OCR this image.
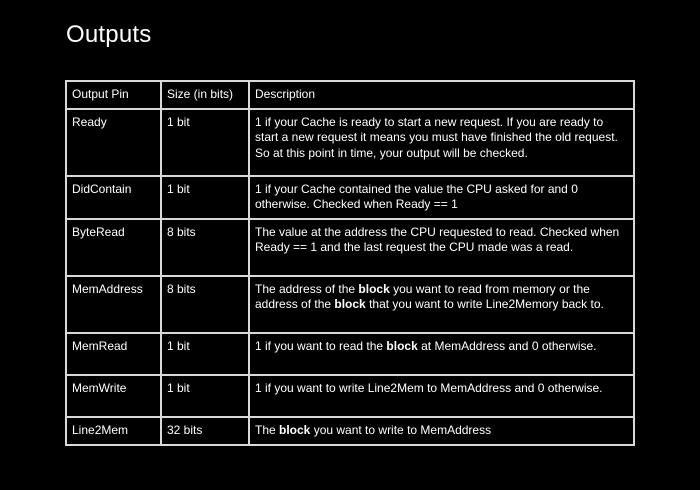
Outputs
Output Pin	Size (in bits)	Description
Ready	1 bit	1 if your Cache is ready to start a new request. If you are ready to start a new request it means you must have finished the old request. So at this point in time, your output will be checked.
DidContain	1 bit	1 if your Cache contained the value the CPU asked for and 0 otherwise. Checked when Ready == 1
ByteRead	8 bits	The value at the address the CPU requested to read. Checked when Ready == 1 and the last request the CPU made was a read.
MemAddress	8 bits	The address of the block you want to read from memory or the address of the block that you want to write Line2Memory back to.
MemRead	1 bit	1 if you want to read the block at MemAddress and 0 otherwise.
MemWrite	1 bit	1 if you want to write Line2Mem to MemAddress and 0 otherwise.
Line2Mem	32 bits	The block you want to write to MemAddress
